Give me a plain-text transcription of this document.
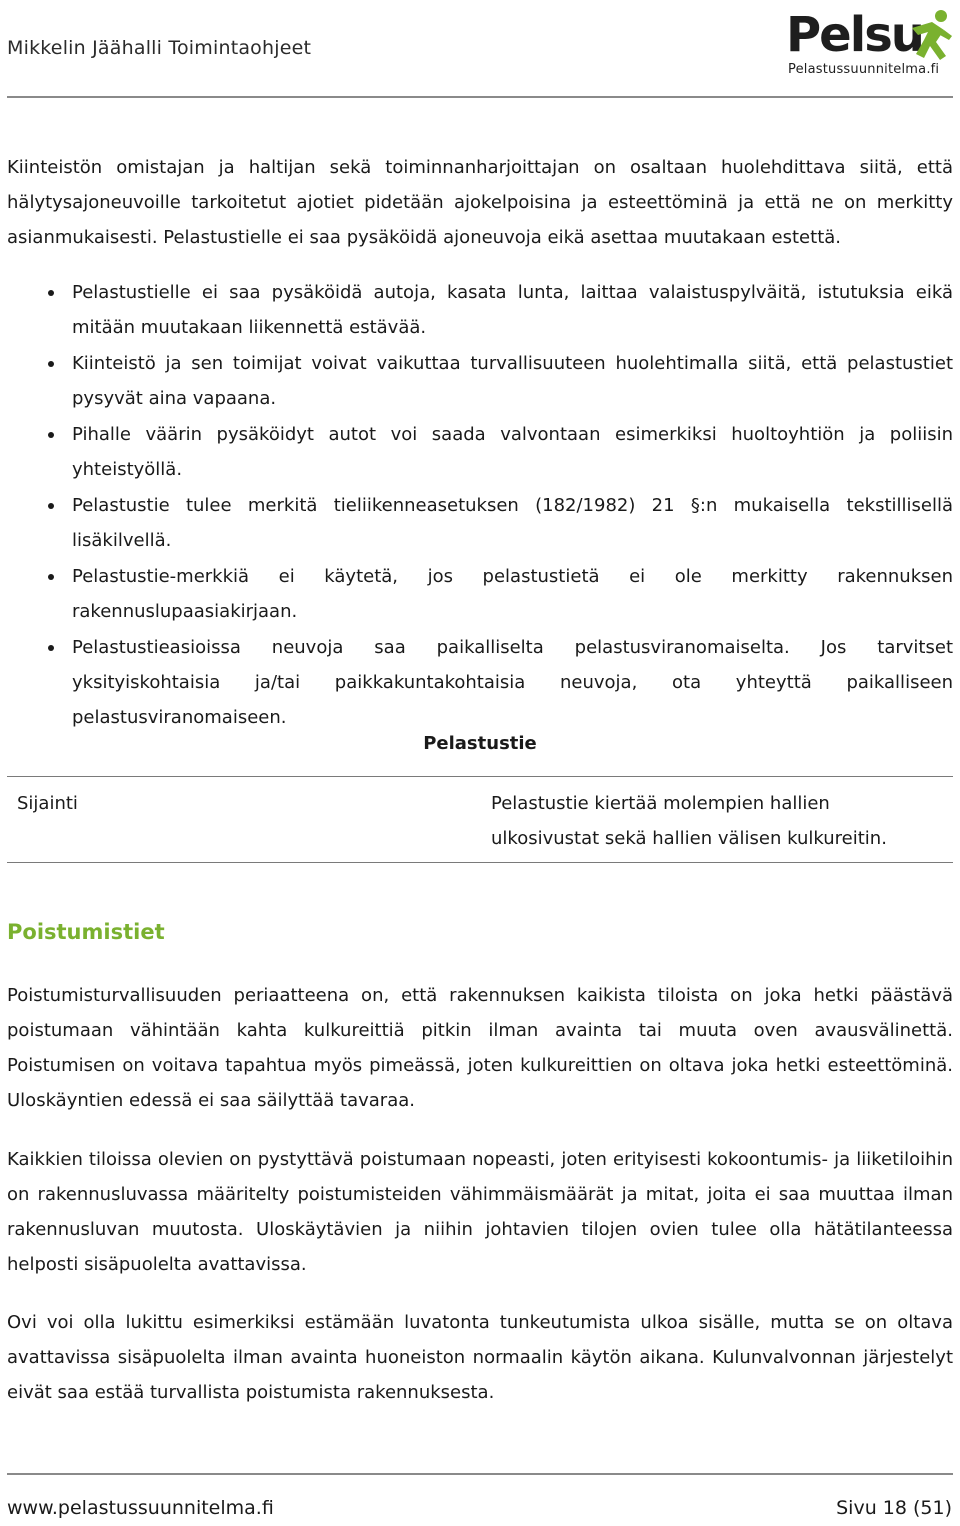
Mikkelin Jäähalli Toimintaohjeet	Pelsu
Pelastussuunnitelma.fi

Kiinteistön omistajan ja haltijan sekä toiminnanharjoittajan on osaltaan huolehdittava siitä, että hälytysajoneuvoille tarkoitetut ajotiet pidetään ajokelpoisina ja esteettöminä ja että ne on merkitty asianmukaisesti. Pelastustielle ei saa pysäköidä ajoneuvoja eikä asettaa muutakaan estettä.

Pelastustielle ei saa pysäköidä autoja, kasata lunta, laittaa valaistuspylväitä, istutuksia eikä mitään muutakaan liikennettä estävää.
Kiinteistö ja sen toimijat voivat vaikuttaa turvallisuuteen huolehtimalla siitä, että pelastustiet pysyvät aina vapaana.
Pihalle väärin pysäköidyt autot voi saada valvontaan esimerkiksi huoltoyhtiön ja poliisin yhteistyöllä.
Pelastustie tulee merkitä tieliikenneasetuksen (182/1982) 21 §:n mukaisella tekstillisellä lisäkilvellä.
Pelastustie-merkkiä ei käytetä, jos pelastustietä ei ole merkitty rakennuksen rakennuslupaasiakirjaan.
Pelastustieasioissa neuvoja saa paikalliselta pelastusviranomaiselta. Jos tarvitset yksityiskohtaisia ja/tai paikkakuntakohtaisia neuvoja, ota yhteyttä paikalliseen pelastusviranomaiseen.
Pelastustie
Sijainti	Pelastustie kiertää molempien hallien ulkosivustat sekä hallien välisen kulkureitin.
Poistumistiet

Poistumisturvallisuuden periaatteena on, että rakennuksen kaikista tiloista on joka hetki päästävä poistumaan vähintään kahta kulkureittiä pitkin ilman avainta tai muuta oven avausvälinettä. Poistumisen on voitava tapahtua myös pimeässä, joten kulkureittien on oltava joka hetki esteettöminä. Uloskäyntien edessä ei saa säilyttää tavaraa.

Kaikkien tiloissa olevien on pystyttävä poistumaan nopeasti, joten erityisesti kokoontumis- ja liiketiloihin on rakennusluvassa määritelty poistumisteiden vähimmäismäärät ja mitat, joita ei saa muuttaa ilman rakennusluvan muutosta. Uloskäytävien ja niihin johtavien tilojen ovien tulee olla hätätilanteessa helposti sisäpuolelta avattavissa.

Ovi voi olla lukittu esimerkiksi estämään luvatonta tunkeutumista ulkoa sisälle, mutta se on oltava avattavissa sisäpuolelta ilman avainta huoneiston normaalin käytön aikana. Kulunvalvonnan järjestelyt eivät saa estää turvallista poistumista rakennuksesta.

www.pelastussuunnitelma.fi	Sivu 18 (51)
